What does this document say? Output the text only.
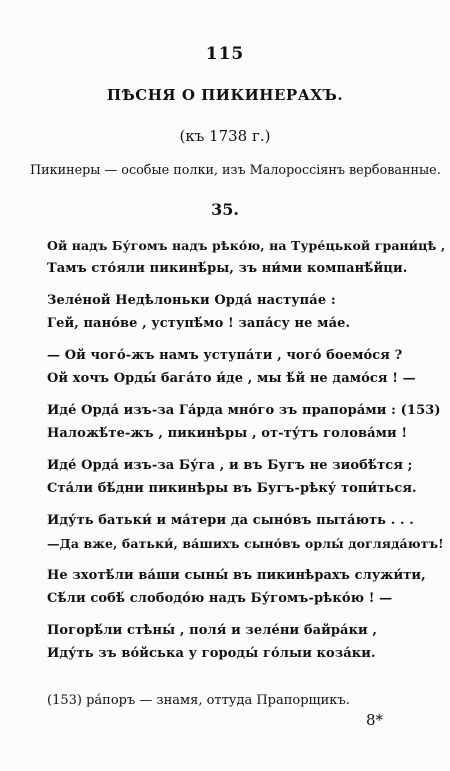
115
ПѢСНЯ О ПИКИНЕРАХЪ.
(къ 1738 г.)
Пикинеры — особые полки, изъ Малороссіянъ вербованные.
35.
Ой надъ Бу́гомъ надъ рѣко́ю, на Туре́цькой грани́цѣ ,
Тамъ сто́яли пикинѣ́ры, зъ ни́ми компанѣ́йци.
Зеле́ной Недѣлоньки Орда́ наступа́е :
Гей, пано́ве , уступѣ́мо ! запа́су не ма́е.
— Ой чого́-жъ намъ уступа́ти , чого́ боемо́ся ?
Ой хочъ Орды́ бага́то и́де , мы ѣ́й не дамо́ся ! —
Иде́ Орда́ изъ-за Га́рда мно́го зъ прапора́ми : (153)
Наложѣ́те-жъ , пикинѣры , от-ту́тъ голова́ми !
Иде́ Орда́ изъ-за Бу́га , и въ Бугъ не зиобѣ́тся ;
Ста́ли бѣ́дни пикинѣры въ Бугъ-рѣку́ топи́ться.
Иду́ть батьки́ и ма́тери да сыно́въ пыта́ють . . .
—Да вже, батьки́, ва́шихъ сыно́въ орлы́ догляда́ютъ!
Не зхотѣ́ли ва́ши сыны́ въ пикинѣрахъ служи́ти,
Сѣ́ли собѣ́ слободо́ю надъ Бу́гомъ-рѣко́ю ! —
Погорѣ́ли стѣны́ , поля́ и зеле́ни байра́ки ,
Иду́ть зъ во́йська у городы́ го́лыи коза́ки.
(153) ра́поръ — знамя, оттуда Прапорщикъ.
8*
